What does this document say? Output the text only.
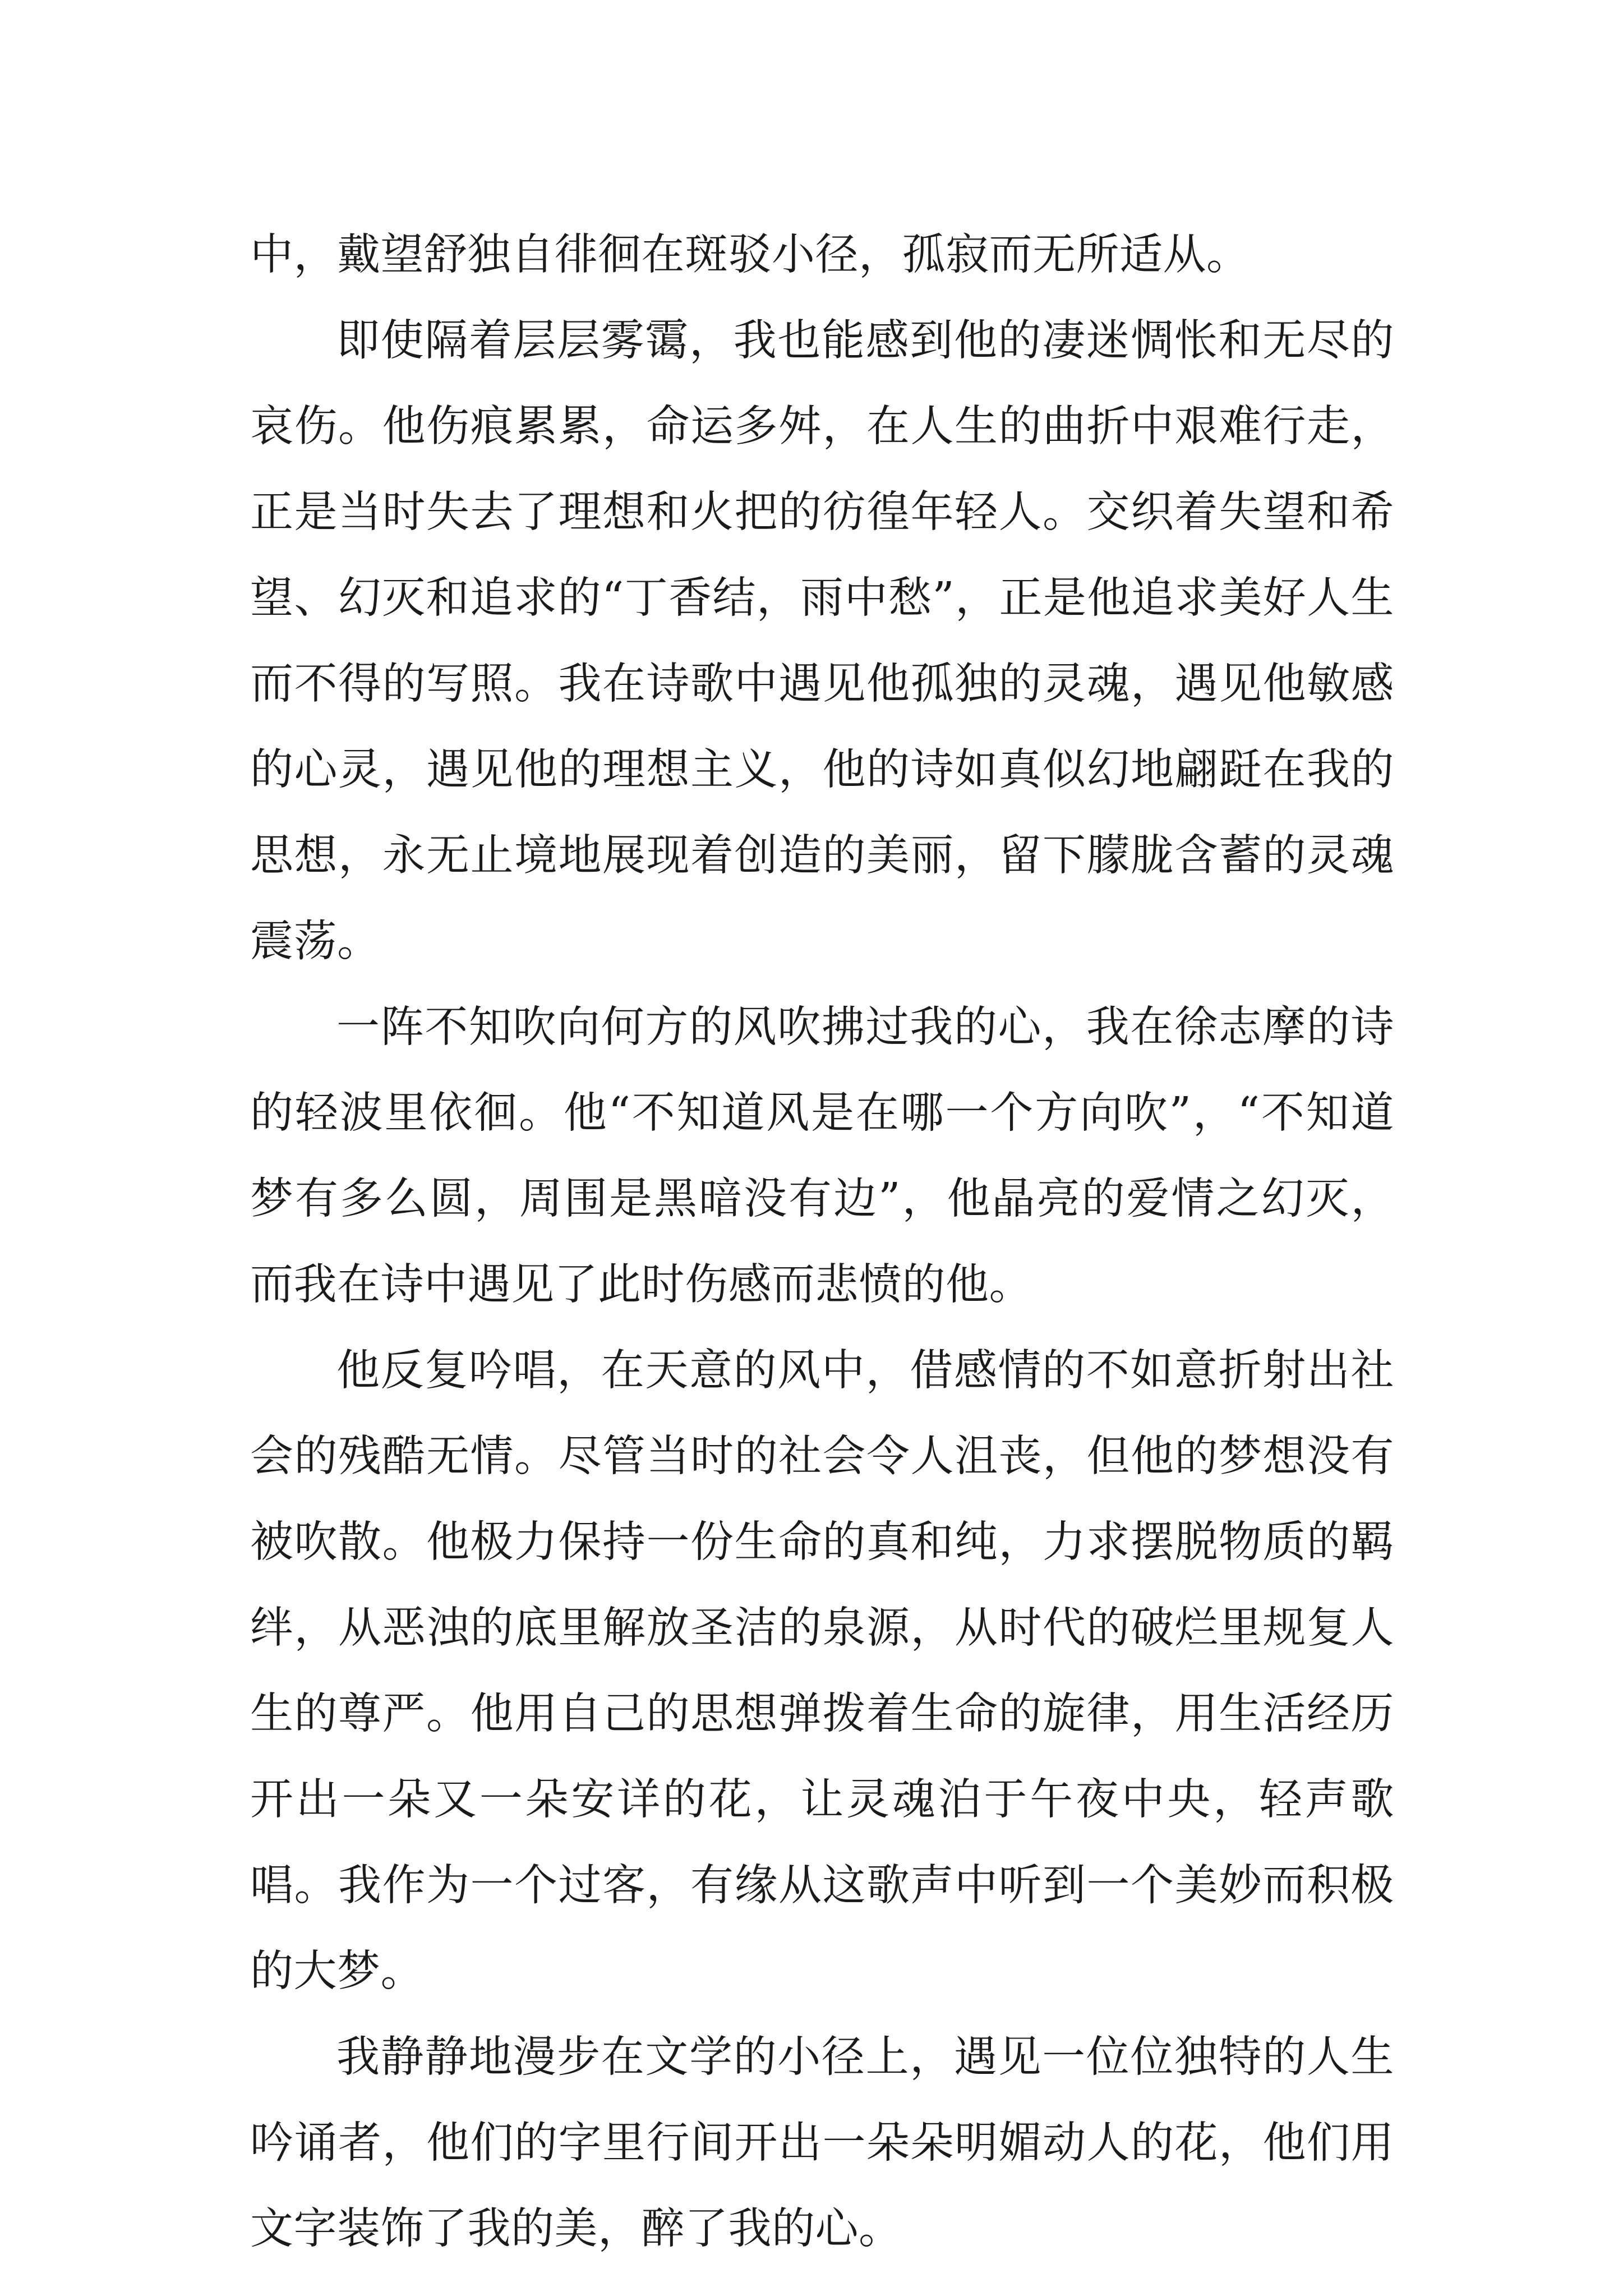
中，戴望舒独自徘徊在斑驳小径，孤寂而无所适从。

即使隔着层层雾霭，我也能感到他的凄迷惆怅和无尽的哀伤。他伤痕累累，命运多舛，在人生的曲折中艰难行走，正是当时失去了理想和火把的彷徨年轻人。交织着失望和希望、幻灭和追求的“丁香结，雨中愁”，正是他追求美好人生而不得的写照。我在诗歌中遇见他孤独的灵魂，遇见他敏感的心灵，遇见他的理想主义，他的诗如真似幻地翩跹在我的思想，永无止境地展现着创造的美丽，留下朦胧含蓄的灵魂震荡。

一阵不知吹向何方的风吹拂过我的心，我在徐志摩的诗的轻波里依徊。他“不知道风是在哪一个方向吹”，“不知道梦有多么圆，周围是黑暗没有边”，他晶亮的爱情之幻灭，而我在诗中遇见了此时伤感而悲愤的他。

他反复吟唱，在天意的风中，借感情的不如意折射出社会的残酷无情。尽管当时的社会令人沮丧，但他的梦想没有被吹散。他极力保持一份生命的真和纯，力求摆脱物质的羁绊，从恶浊的底里解放圣洁的泉源，从时代的破烂里规复人生的尊严。他用自己的思想弹拨着生命的旋律，用生活经历开出一朵又一朵安详的花，让灵魂泊于午夜中央，轻声歌唱。我作为一个过客，有缘从这歌声中听到一个美妙而积极的大梦。

我静静地漫步在文学的小径上，遇见一位位独特的人生吟诵者，他们的字里行间开出一朵朵明媚动人的花，他们用文字装饰了我的美，醉了我的心。
